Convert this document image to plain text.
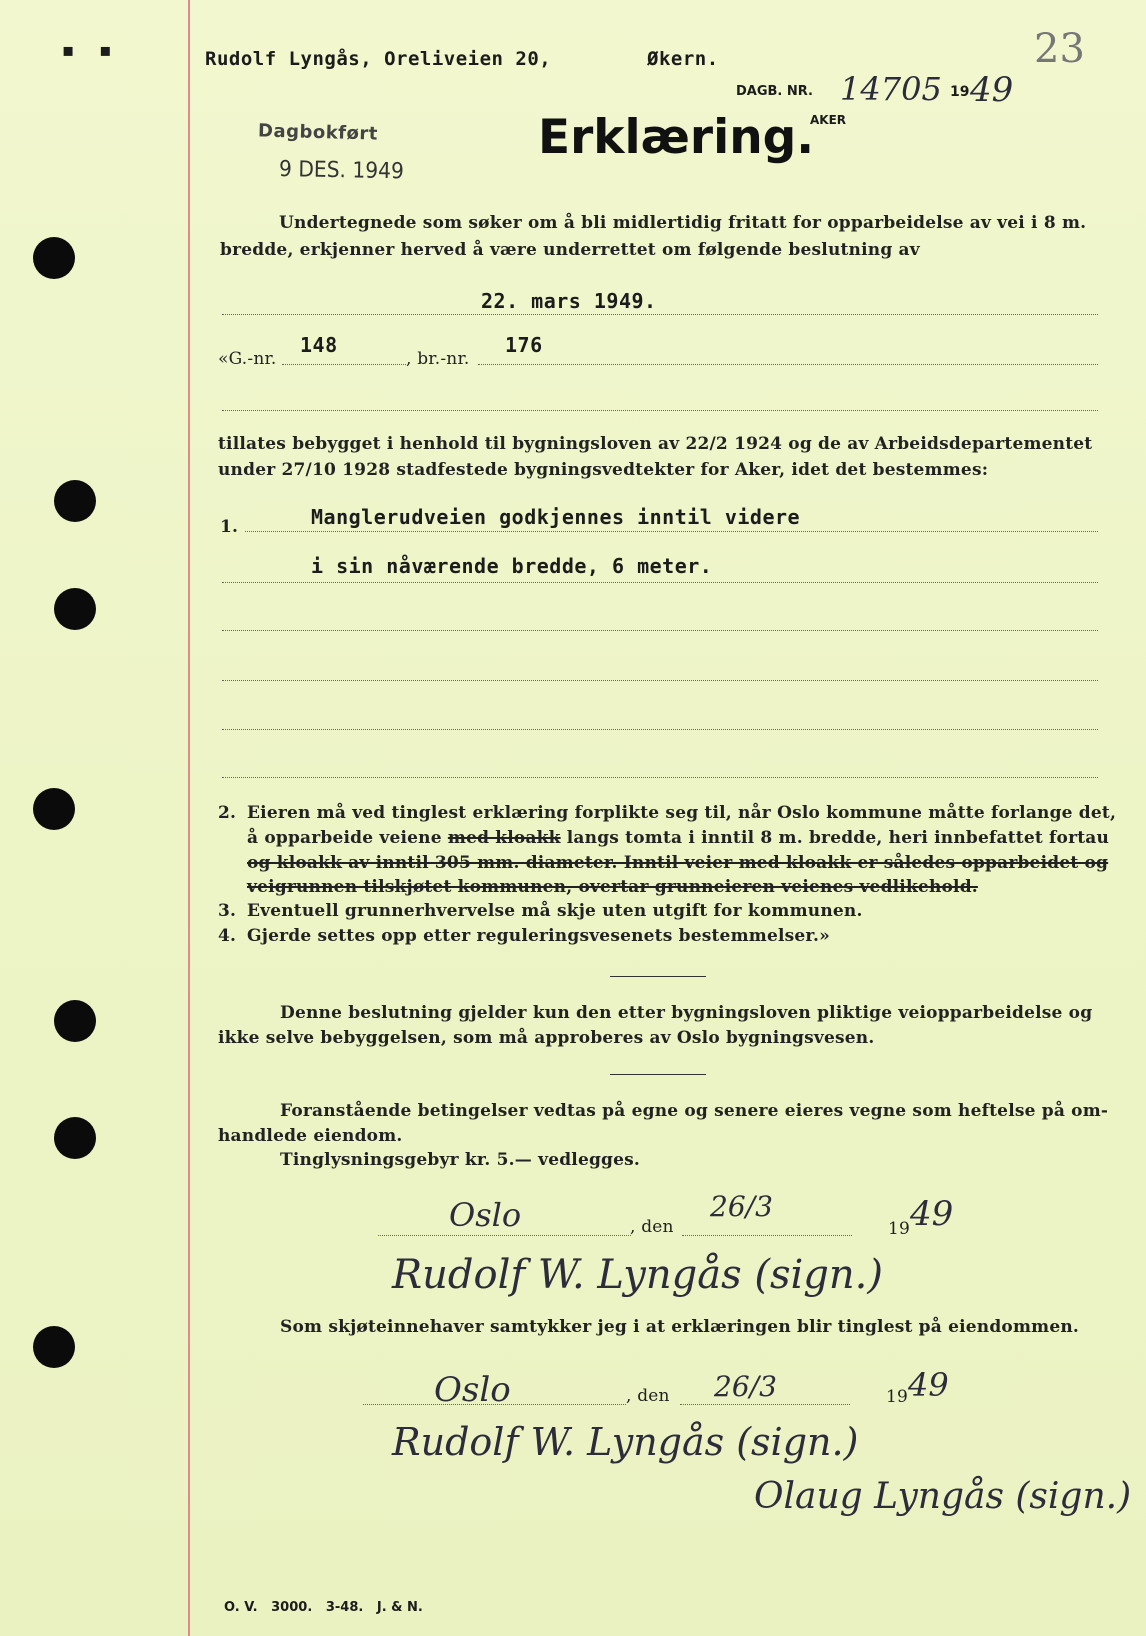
▪    ▪	Rudolf Lyngås, Oreliveien 20,	Økern.	23
DAGB. NR.
AKER
14705 19 49
Dagbokført
9 DES. 1949
Erklæring.
Undertegnede som søker om å bli midlertidig fritatt for opparbeidelse av vei i 8 m.
bredde, erkjenner herved å være underrettet om følgende beslutning av
22. mars 1949.
«G.-nr.
148
, br.-nr.
176
tillates bebygget i henhold til bygningsloven av 22/2 1924 og de av Arbeidsdepartementet
under 27/10 1928 stadfestede bygningsvedtekter for Aker, idet det bestemmes:
1.	Manglerudveien godkjennes inntil videre
i sin nåværende bredde, 6 meter.
2. Eieren må ved tinglest erklæring forplikte seg til, når Oslo kommune måtte forlange det,
å opparbeide veiene med kloakk langs tomta i inntil 8 m. bredde, heri innbefattet fortau
og kloakk av inntil 305 mm. diameter. Inntil veier med kloakk er således opparbeidet og
veigrunnen tilskjøtet kommunen, overtar grunneieren veienes vedlikehold.
3. Eventuell grunnerhvervelse må skje uten utgift for kommunen.
4. Gjerde settes opp etter reguleringsvesenets bestemmelser.»
Denne beslutning gjelder kun den etter bygningsloven pliktige veiopparbeidelse og
ikke selve bebyggelsen, som må approberes av Oslo bygningsvesen.
Foranstående betingelser vedtas på egne og senere eieres vegne som heftelse på om-
handlede eiendom.
Tinglysningsgebyr kr. 5.— vedlegges.
Oslo	, den
26/3
19 49
Rudolf W. Lyngås (sign.)
Som skjøteinnehaver samtykker jeg i at erklæringen blir tinglest på eiendommen.
Oslo	, den 26/3	19 49
Rudolf W. Lyngås (sign.)
Olaug Lyngås (sign.)
O. V.   3000.   3-48.   J. & N.
